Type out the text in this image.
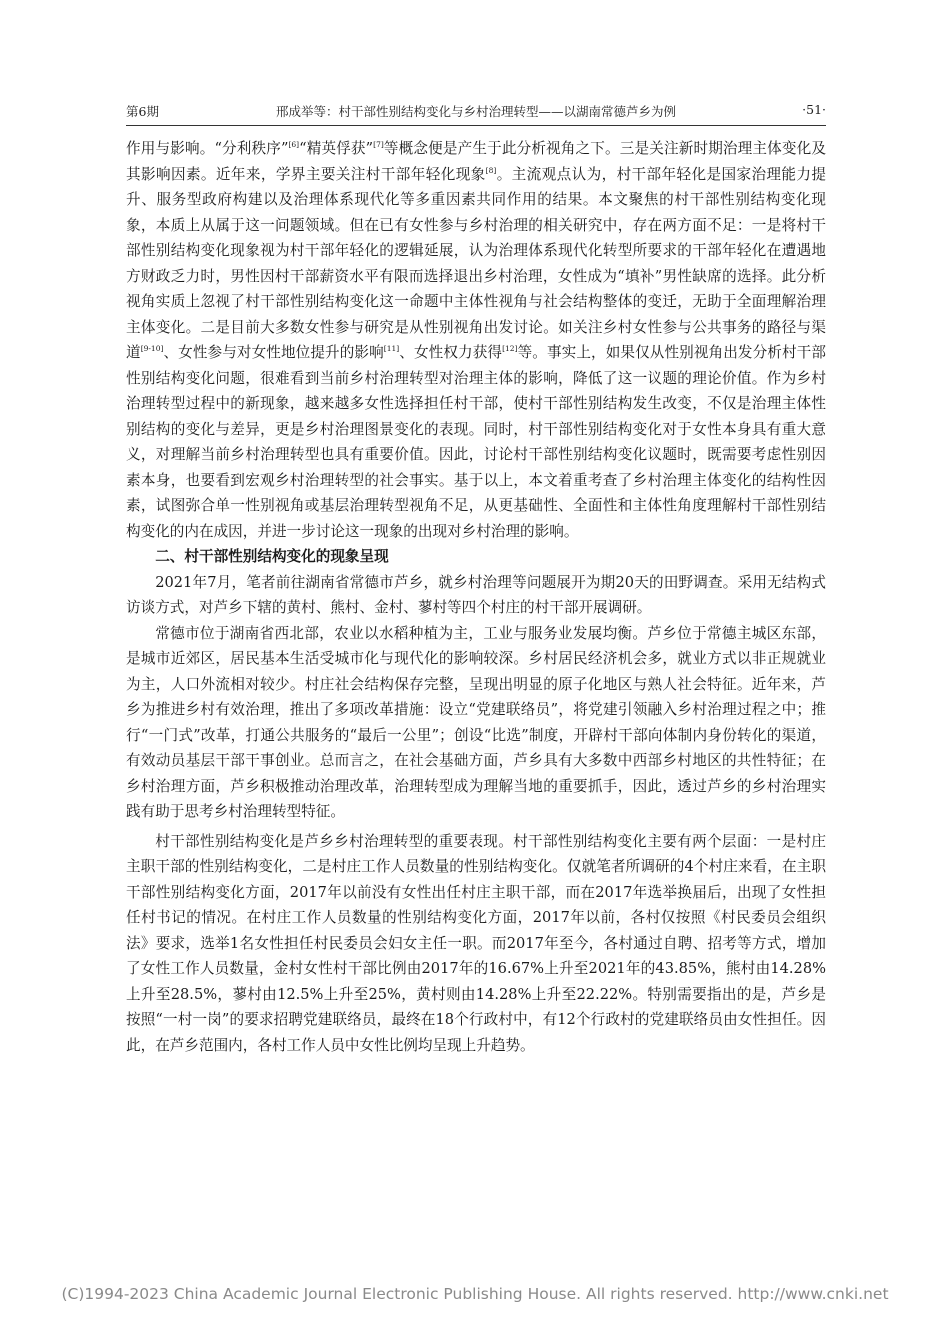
第6期	邢成举等：村干部性别结构变化与乡村治理转型——以湖南常德芦乡为例	·51·

作用与影响。“分利秩序”[6]“精英俘获”[7]等概念便是产生于此分析视角之下。三是关注新时期治理主体变化及其影响因素。近年来，学界主要关注村干部年轻化现象[8]。主流观点认为，村干部年轻化是国家治理能力提升、服务型政府构建以及治理体系现代化等多重因素共同作用的结果。本文聚焦的村干部性别结构变化现象，本质上从属于这一问题领域。但在已有女性参与乡村治理的相关研究中，存在两方面不足：一是将村干部性别结构变化现象视为村干部年轻化的逻辑延展，认为治理体系现代化转型所要求的干部年轻化在遭遇地方财政乏力时，男性因村干部薪资水平有限而选择退出乡村治理，女性成为“填补”男性缺席的选择。此分析视角实质上忽视了村干部性别结构变化这一命题中主体性视角与社会结构整体的变迁，无助于全面理解治理主体变化。二是目前大多数女性参与研究是从性别视角出发讨论。如关注乡村女性参与公共事务的路径与渠道[9-10]、女性参与对女性地位提升的影响[11]、女性权力获得[12]等。事实上，如果仅从性别视角出发分析村干部性别结构变化问题，很难看到当前乡村治理转型对治理主体的影响，降低了这一议题的理论价值。作为乡村治理转型过程中的新现象，越来越多女性选择担任村干部，使村干部性别结构发生改变，不仅是治理主体性别结构的变化与差异，更是乡村治理图景变化的表现。同时，村干部性别结构变化对于女性本身具有重大意义，对理解当前乡村治理转型也具有重要价值。因此，讨论村干部性别结构变化议题时，既需要考虑性别因素本身，也要看到宏观乡村治理转型的社会事实。基于以上，本文着重考查了乡村治理主体变化的结构性因素，试图弥合单一性别视角或基层治理转型视角不足，从更基础性、全面性和主体性角度理解村干部性别结构变化的内在成因，并进一步讨论这一现象的出现对乡村治理的影响。

二、村干部性别结构变化的现象呈现

2021年7月，笔者前往湖南省常德市芦乡，就乡村治理等问题展开为期20天的田野调查。采用无结构式访谈方式，对芦乡下辖的黄村、熊村、金村、蓼村等四个村庄的村干部开展调研。

常德市位于湖南省西北部，农业以水稻种植为主，工业与服务业发展均衡。芦乡位于常德主城区东部，是城市近郊区，居民基本生活受城市化与现代化的影响较深。乡村居民经济机会多，就业方式以非正规就业为主，人口外流相对较少。村庄社会结构保存完整，呈现出明显的原子化地区与熟人社会特征。近年来，芦乡为推进乡村有效治理，推出了多项改革措施：设立“党建联络员”，将党建引领融入乡村治理过程之中；推行“一门式”改革，打通公共服务的“最后一公里”；创设“比选”制度，开辟村干部向体制内身份转化的渠道，有效动员基层干部干事创业。总而言之，在社会基础方面，芦乡具有大多数中西部乡村地区的共性特征；在乡村治理方面，芦乡积极推动治理改革，治理转型成为理解当地的重要抓手，因此，透过芦乡的乡村治理实践有助于思考乡村治理转型特征。

村干部性别结构变化是芦乡乡村治理转型的重要表现。村干部性别结构变化主要有两个层面：一是村庄主职干部的性别结构变化，二是村庄工作人员数量的性别结构变化。仅就笔者所调研的4个村庄来看，在主职干部性别结构变化方面，2017年以前没有女性出任村庄主职干部，而在2017年选举换届后，出现了女性担任村书记的情况。在村庄工作人员数量的性别结构变化方面，2017年以前，各村仅按照《村民委员会组织法》要求，选举1名女性担任村民委员会妇女主任一职。而2017年至今，各村通过自聘、招考等方式，增加了女性工作人员数量，金村女性村干部比例由2017年的16.67%上升至2021年的43.85%，熊村由14.28%上升至28.5%，蓼村由12.5%上升至25%，黄村则由14.28%上升至22.22%。特别需要指出的是，芦乡是按照“一村一岗”的要求招聘党建联络员，最终在18个行政村中，有12个行政村的党建联络员由女性担任。因此，在芦乡范围内，各村工作人员中女性比例均呈现上升趋势。

(C)1994-2023 China Academic Journal Electronic Publishing House. All rights reserved. http://www.cnki.net
